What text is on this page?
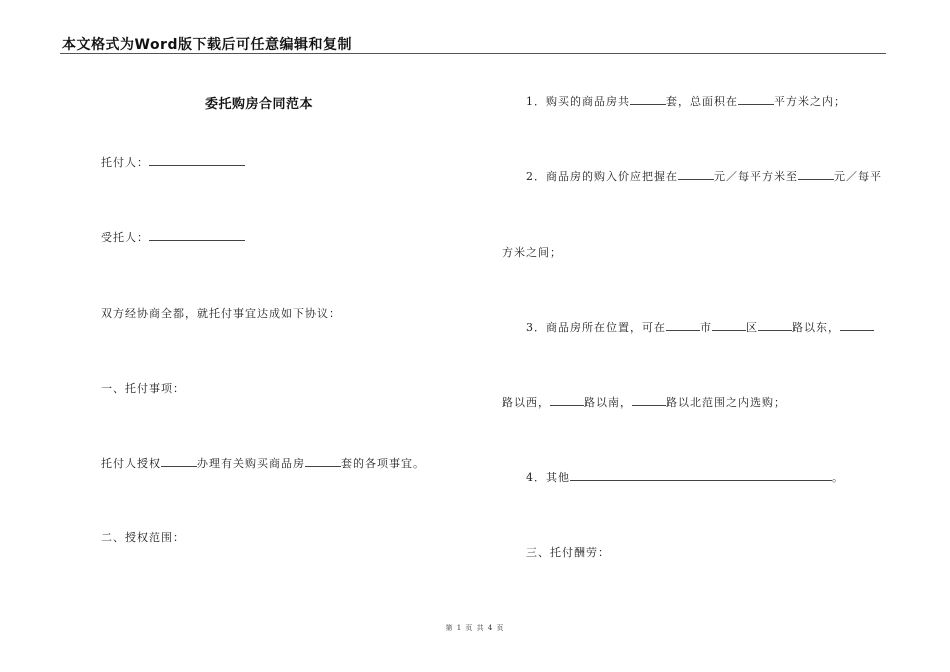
本文格式为Word版下载后可任意编辑和复制
委托购房合同范本
托付人：
受托人：
双方经协商全都，就托付事宜达成如下协议：
一、托付事项：
托付人授权	办理有关购买商品房	套的各项事宜。
二、授权范围：
1．购买的商品房共	套，总面积在	平方米之内；
2．商品房的购入价应把握在	元／每平方米至	元／每平
方米之间；
3．商品房所在位置，可在	市	区	路以东，
路以西，	路以南，	路以北范围之内选购；
4．其他	。
三、托付酬劳：
第 1 页 共 4 页
